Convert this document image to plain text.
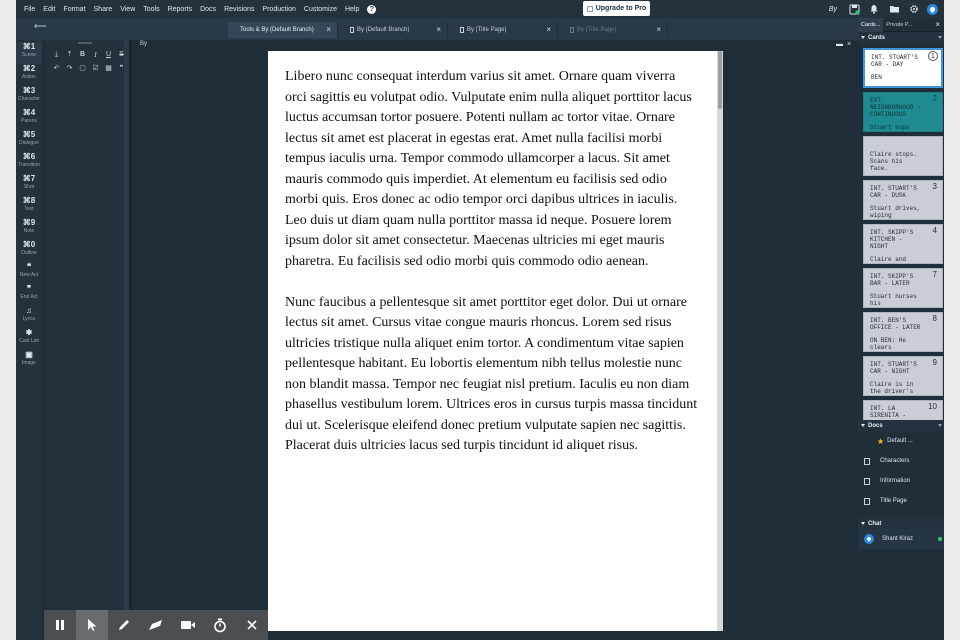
File Edit Format Share View Tools Reports Docs Revisions Production Customize Help	?	Upgrade to Pro	By
⟵	Tools & By (Default Branch) ×	By (Default Branch)	×	By (Title Page)	×	By (Title Page)	×
⌘1
Scene
⌘2
Action
⌘3
Character
⌘4
Parens
⌘5
Dialogue
⌘6
Transition
⌘7
Shot
⌘8
Text
⌘9
Note
⌘0
Outline
❝
New Act
❞
End Act
♫
Lyrics
✱
Cast List
▣
Image
⤓	⤒	B	I	U	S
↶	↷ ▢ ☑ ▦	❞
By	▬ ×

Libero nunc consequat interdum varius sit amet. Ornare quam viverra orci sagittis eu volutpat odio. Vulputate enim nulla aliquet porttitor lacus luctus accumsan tortor posuere. Potenti nullam ac tortor vitae. Ornare lectus sit amet est placerat in egestas erat. Amet nulla facilisi morbi tempus iaculis urna. Tempor commodo ullamcorper a lacus. Sit amet mauris commodo quis imperdiet. At elementum eu facilisis sed odio morbi quis. Eros donec ac odio tempor orci dapibus ultrices in iaculis. Leo duis ut diam quam nulla porttitor massa id neque. Posuere lorem ipsum dolor sit amet consectetur. Maecenas ultricies mi eget mauris pharetra. Eu facilisis sed odio morbi quis commodo odio aenean.

Nunc faucibus a pellentesque sit amet porttitor eget dolor. Dui ut ornare lectus sit amet. Cursus vitae congue mauris rhoncus. Lorem sed risus ultricies tristique nulla aliquet enim tortor. A condimentum vitae sapien pellentesque habitant. Eu lobortis elementum nibh tellus molestie nunc non blandit massa. Tempor nec feugiat nisl pretium. Iaculis eu non diam phasellus vestibulum lorem. Ultrices eros in cursus turpis massa tincidunt dui ut. Scelerisque eleifend donec pretium vulputate sapien nec sagittis. Placerat duis ultricies lacus sed turpis tincidunt id aliquet risus.

Cards...	Private P...	×
Cards
1
INT. STUART'S
CAR - DAY
BEN
2
EXT.
NEIGHBORHOOD -
CONTINUOUS
Stuart hops
Claire stops.
Scans his
face.
3
INT. STUART'S
CAR - DUSK
Stuart drives,
wiping
4
INT. SKIPP'S
KITCHEN -
NIGHT
Claire and
7
INT. SKIPP'S
BAR - LATER
Stuart nurses
his
8
INT. BEN'S
OFFICE - LATER
ON BEN: He
clears
9
INT. STUART'S
CAR - NIGHT
Claire is in
the driver's
10
INT. LA
SIRENITA -
Docs
★ Default ...
Characters
Information
Title Page
Chat
Shant Kiraz
